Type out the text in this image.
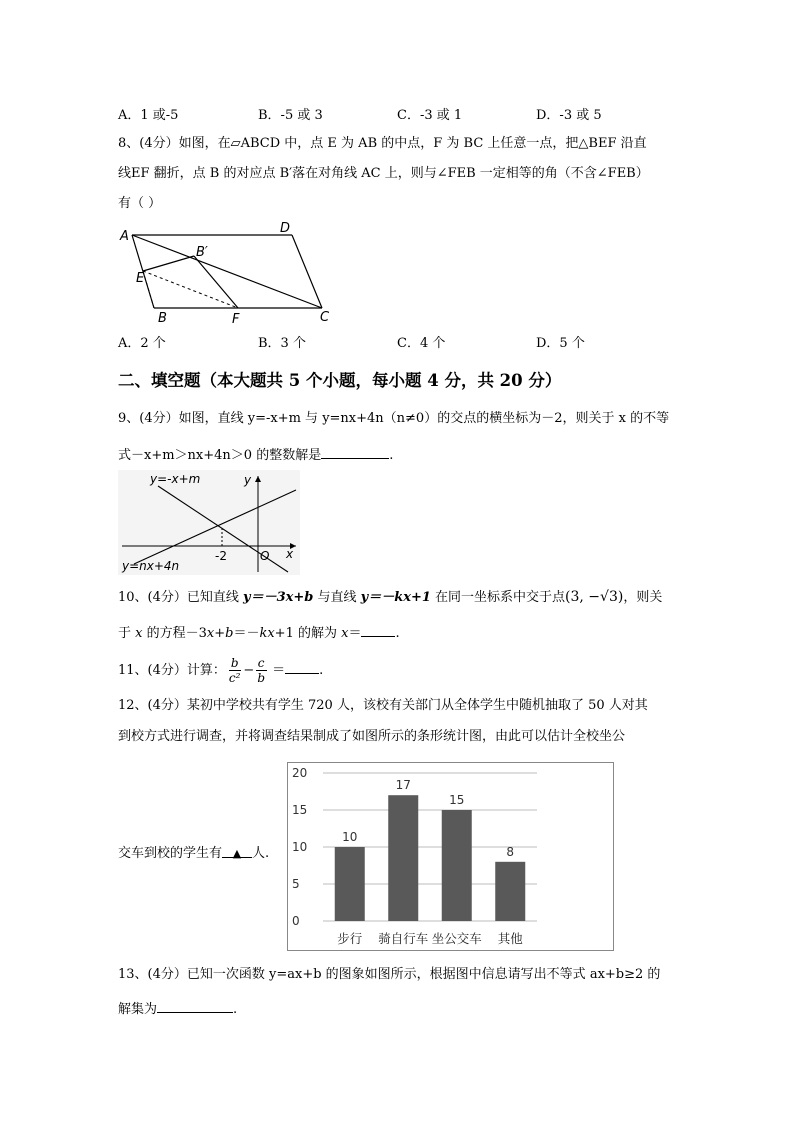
A．1 或-5	B．-5 或 3	C．-3 或 1	D．-3 或 5
8、(4分）如图，在▱ABCD 中，点 E 为 AB 的中点，F 为 BC 上任意一点，把△BEF 沿直
线EF 翻折，点 B 的对应点 B′落在对角线 AC 上，则与∠FEB 一定相等的角（不含∠FEB）
有（ ）
A
D
B′
E
B	F	C
A．2 个	B．3 个	C．4 个	D．5 个
二、填空题（本大题共 5 个小题，每小题 4 分，共 20 分）
9、(4分）如图，直线 y=-x+m 与 y=nx+4n（n≠0）的交点的横坐标为－2，则关于 x 的不等
式－x+m＞nx+4n＞0 的整数解是	.
y=-x+m
y=nx+4n
y
x
O
-2
10、(4分）已知直线 y＝－3x+b 与直线 y＝－kx+1 在同一坐标系中交于点(3, −√3)，则关
于 x 的方程－3x+b＝－kx+1 的解为 x＝	.
11、(4分）计算： $\frac{b}{\text{c²}} - \frac{c}{b}$ ＝	.
12、(4分）某初中学校共有学生 720 人，该校有关部门从全体学生中随机抽取了 50 人对其
到校方式进行调查，并将调查结果制成了如图所示的条形统计图，由此可以估计全校坐公
交车到校的学生有 ▲ 人.
0
5
10
15
20
步行 骑自行车 坐公交车 其他
10
17
15
8
13、(4分）已知一次函数 y=ax+b 的图象如图所示，根据图中信息请写出不等式 ax+b≥2 的
解集为	.
